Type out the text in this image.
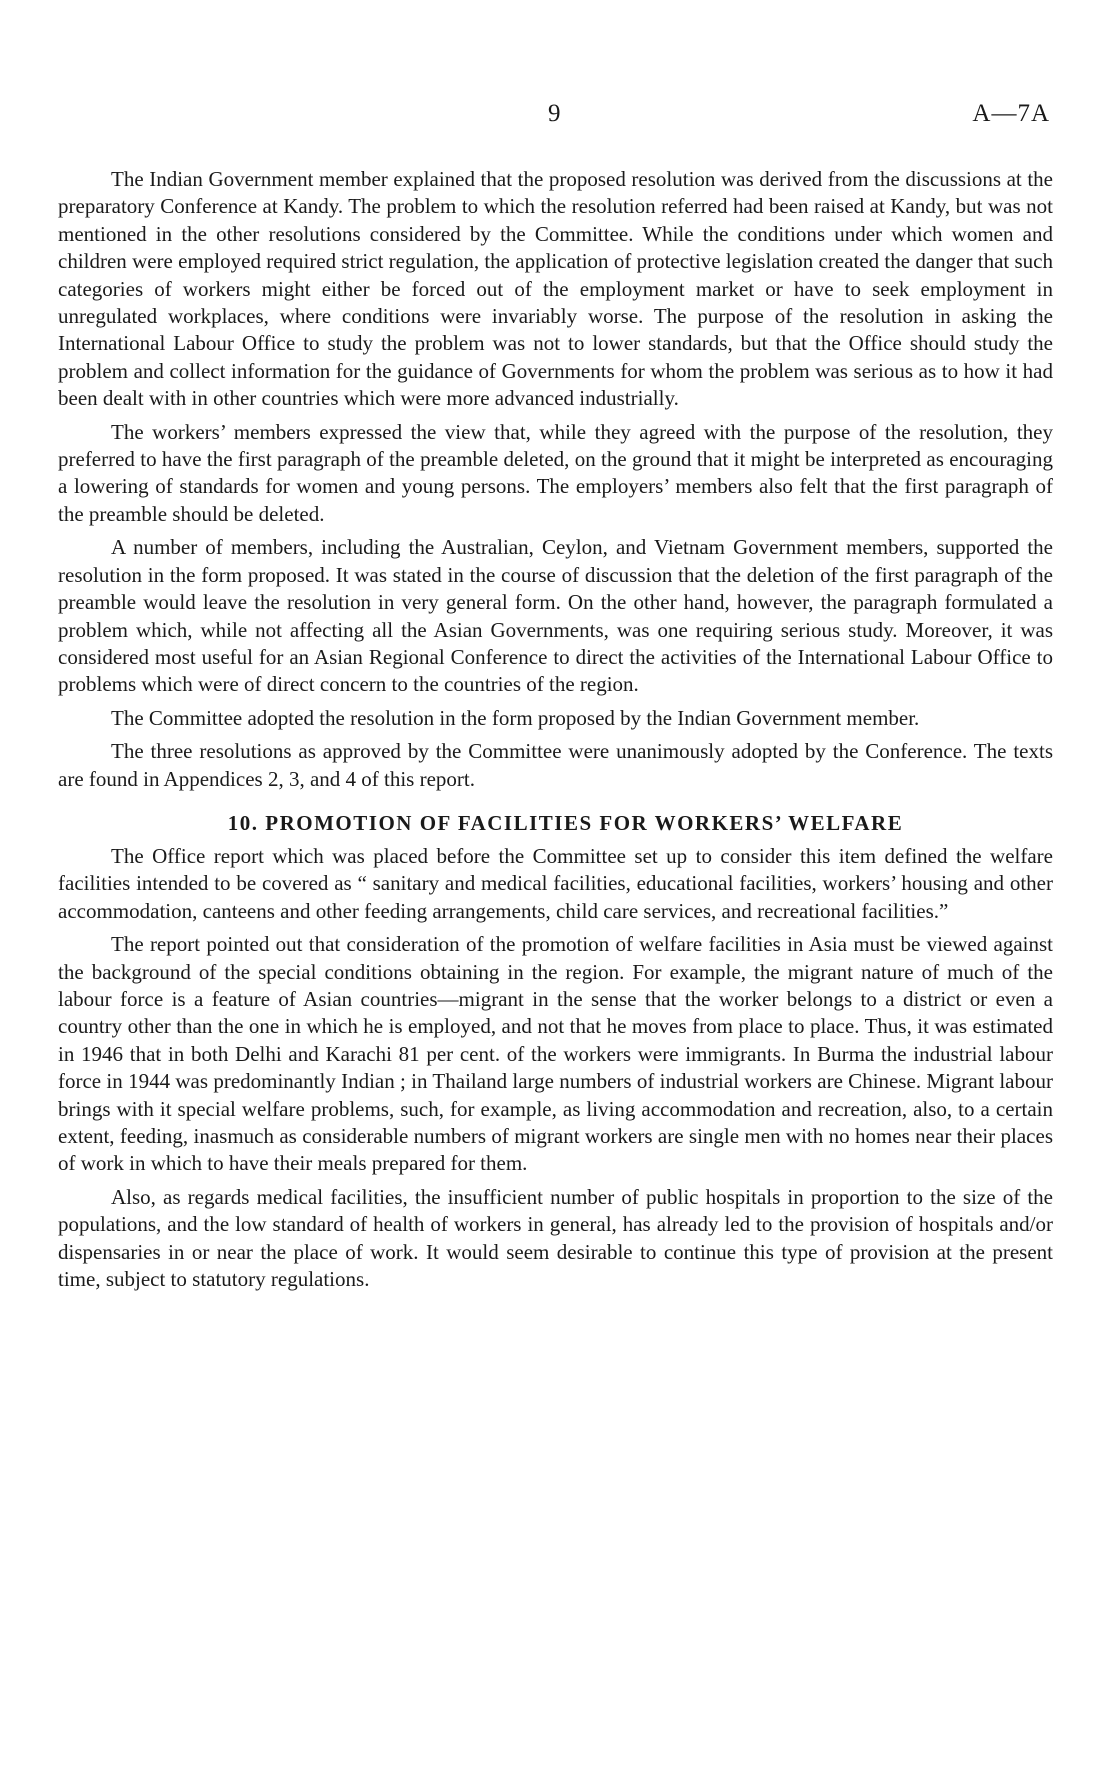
9	A—7A

The Indian Government member explained that the proposed resolution was derived from the discussions at the preparatory Conference at Kandy. The problem to which the resolution referred had been raised at Kandy, but was not mentioned in the other resolutions considered by the Committee. While the conditions under which women and children were employed required strict regulation, the application of protective legislation created the danger that such categories of workers might either be forced out of the employment market or have to seek employment in unregulated workplaces, where conditions were invariably worse. The purpose of the resolution in asking the International Labour Office to study the problem was not to lower standards, but that the Office should study the problem and collect information for the guidance of Governments for whom the problem was serious as to how it had been dealt with in other countries which were more advanced industrially.

The workers’ members expressed the view that, while they agreed with the purpose of the resolution, they preferred to have the first paragraph of the preamble deleted, on the ground that it might be interpreted as encouraging a lowering of standards for women and young persons. The employers’ members also felt that the first paragraph of the preamble should be deleted.

A number of members, including the Australian, Ceylon, and Vietnam Government members, supported the resolution in the form proposed. It was stated in the course of discussion that the deletion of the first paragraph of the preamble would leave the resolution in very general form. On the other hand, however, the paragraph formulated a problem which, while not affecting all the Asian Governments, was one requiring serious study. Moreover, it was considered most useful for an Asian Regional Conference to direct the activities of the International Labour Office to problems which were of direct concern to the countries of the region.

The Committee adopted the resolution in the form proposed by the Indian Government member.

The three resolutions as approved by the Committee were unanimously adopted by the Conference. The texts are found in Appendices 2, 3, and 4 of this report.

10. PROMOTION OF FACILITIES FOR WORKERS’ WELFARE

The Office report which was placed before the Committee set up to consider this item defined the welfare facilities intended to be covered as “ sanitary and medical facilities, educational facilities, workers’ housing and other accommodation, canteens and other feeding arrangements, child care services, and recreational facilities.”

The report pointed out that consideration of the promotion of welfare facilities in Asia must be viewed against the background of the special conditions obtaining in the region. For example, the migrant nature of much of the labour force is a feature of Asian countries—migrant in the sense that the worker belongs to a district or even a country other than the one in which he is employed, and not that he moves from place to place. Thus, it was estimated in 1946 that in both Delhi and Karachi 81 per cent. of the workers were immigrants. In Burma the industrial labour force in 1944 was predominantly Indian ; in Thailand large numbers of industrial workers are Chinese. Migrant labour brings with it special welfare problems, such, for example, as living accommodation and recreation, also, to a certain extent, feeding, inasmuch as considerable numbers of migrant workers are single men with no homes near their places of work in which to have their meals prepared for them.

Also, as regards medical facilities, the insufficient number of public hospitals in proportion to the size of the populations, and the low standard of health of workers in general, has already led to the provision of hospitals and/or dispensaries in or near the place of work. It would seem desirable to continue this type of provision at the present time, subject to statutory regulations.
